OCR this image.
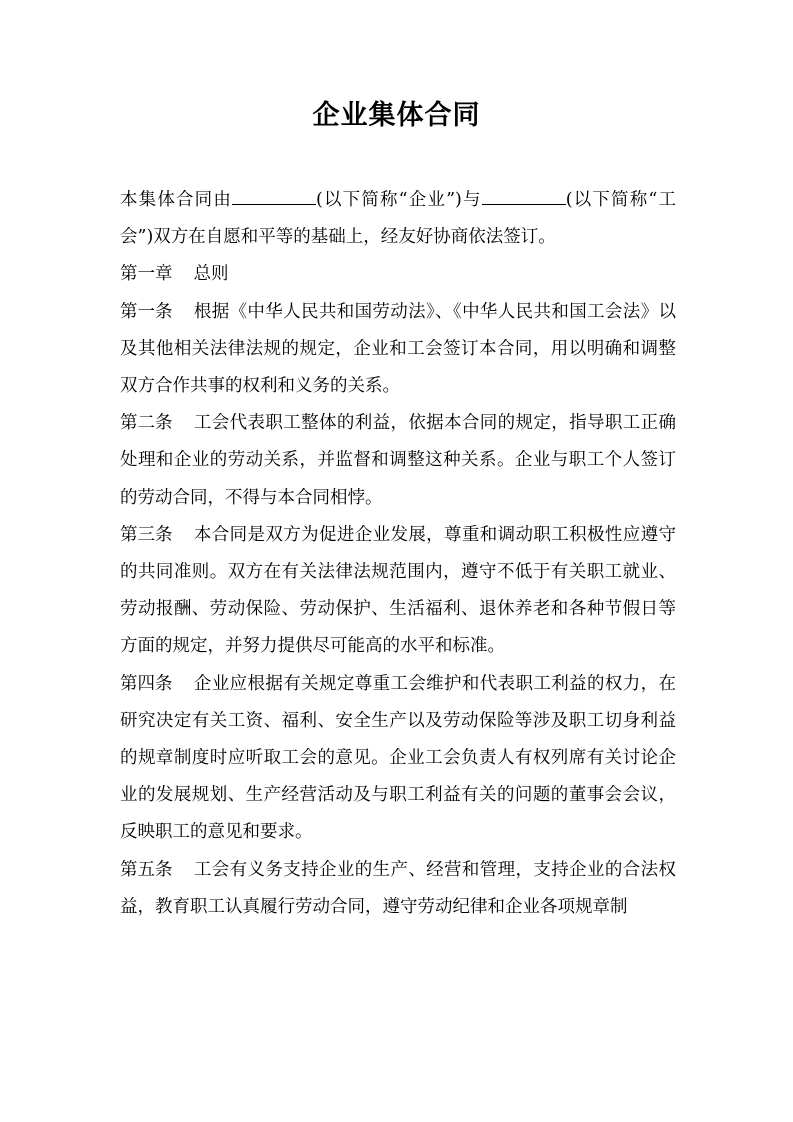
企业集体合同

本集体合同由	(以下简称“企业”)与	(以下简称“工会”)双方在自愿和平等的基础上，经友好协商依法签订。

第一章 总则

第一条 根据《中华人民共和国劳动法》、《中华人民共和国工会法》以及其他相关法律法规的规定，企业和工会签订本合同，用以明确和调整双方合作共事的权利和义务的关系。

第二条 工会代表职工整体的利益，依据本合同的规定，指导职工正确处理和企业的劳动关系，并监督和调整这种关系。企业与职工个人签订的劳动合同，不得与本合同相悖。

第三条 本合同是双方为促进企业发展，尊重和调动职工积极性应遵守的共同准则。双方在有关法律法规范围内，遵守不低于有关职工就业、劳动报酬、劳动保险、劳动保护、生活福利、退休养老和各种节假日等方面的规定，并努力提供尽可能高的水平和标准。

第四条 企业应根据有关规定尊重工会维护和代表职工利益的权力，在研究决定有关工资、福利、安全生产以及劳动保险等涉及职工切身利益的规章制度时应听取工会的意见。企业工会负责人有权列席有关讨论企业的发展规划、生产经营活动及与职工利益有关的问题的董事会会议，反映职工的意见和要求。

第五条 工会有义务支持企业的生产、经营和管理，支持企业的合法权益，教育职工认真履行劳动合同，遵守劳动纪律和企业各项规章制
